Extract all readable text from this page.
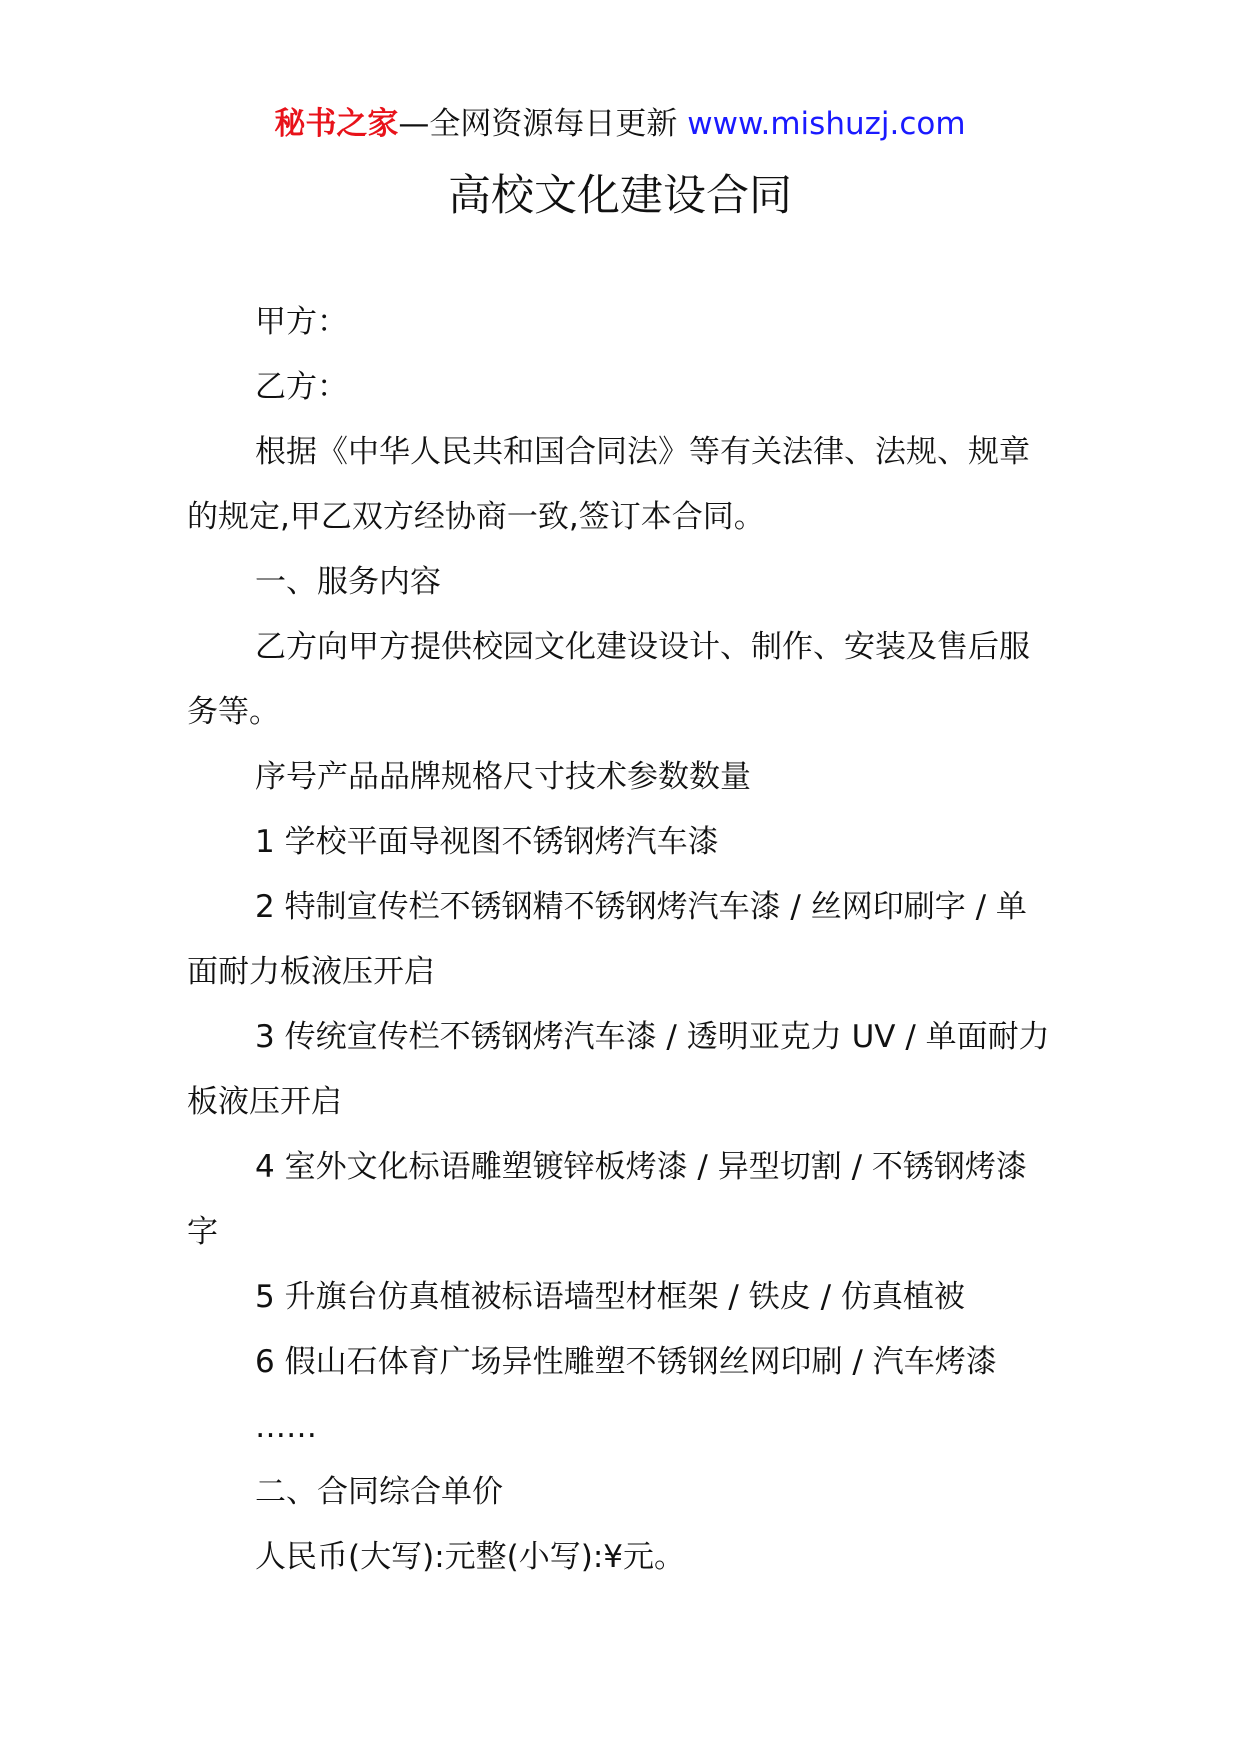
秘书之家—全网资源每日更新 www.mishuzj.com
高校文化建设合同

甲方：

乙方：

根据《中华人民共和国合同法》等有关法律、法规、规章的规定,甲乙双方经协商一致,签订本合同。

一、服务内容

乙方向甲方提供校园文化建设设计、制作、安装及售后服务等。

序号产品品牌规格尺寸技术参数数量

1 学校平面导视图不锈钢烤汽车漆

2 特制宣传栏不锈钢精不锈钢烤汽车漆 / 丝网印刷字 / 单面耐力板液压开启

3 传统宣传栏不锈钢烤汽车漆 / 透明亚克力 UV / 单面耐力板液压开启

4 室外文化标语雕塑镀锌板烤漆 / 异型切割 / 不锈钢烤漆字

5 升旗台仿真植被标语墙型材框架 / 铁皮 / 仿真植被

6 假山石体育广场异性雕塑不锈钢丝网印刷 / 汽车烤漆

……

二、合同综合单价

人民币(大写):元整(小写):¥元。
